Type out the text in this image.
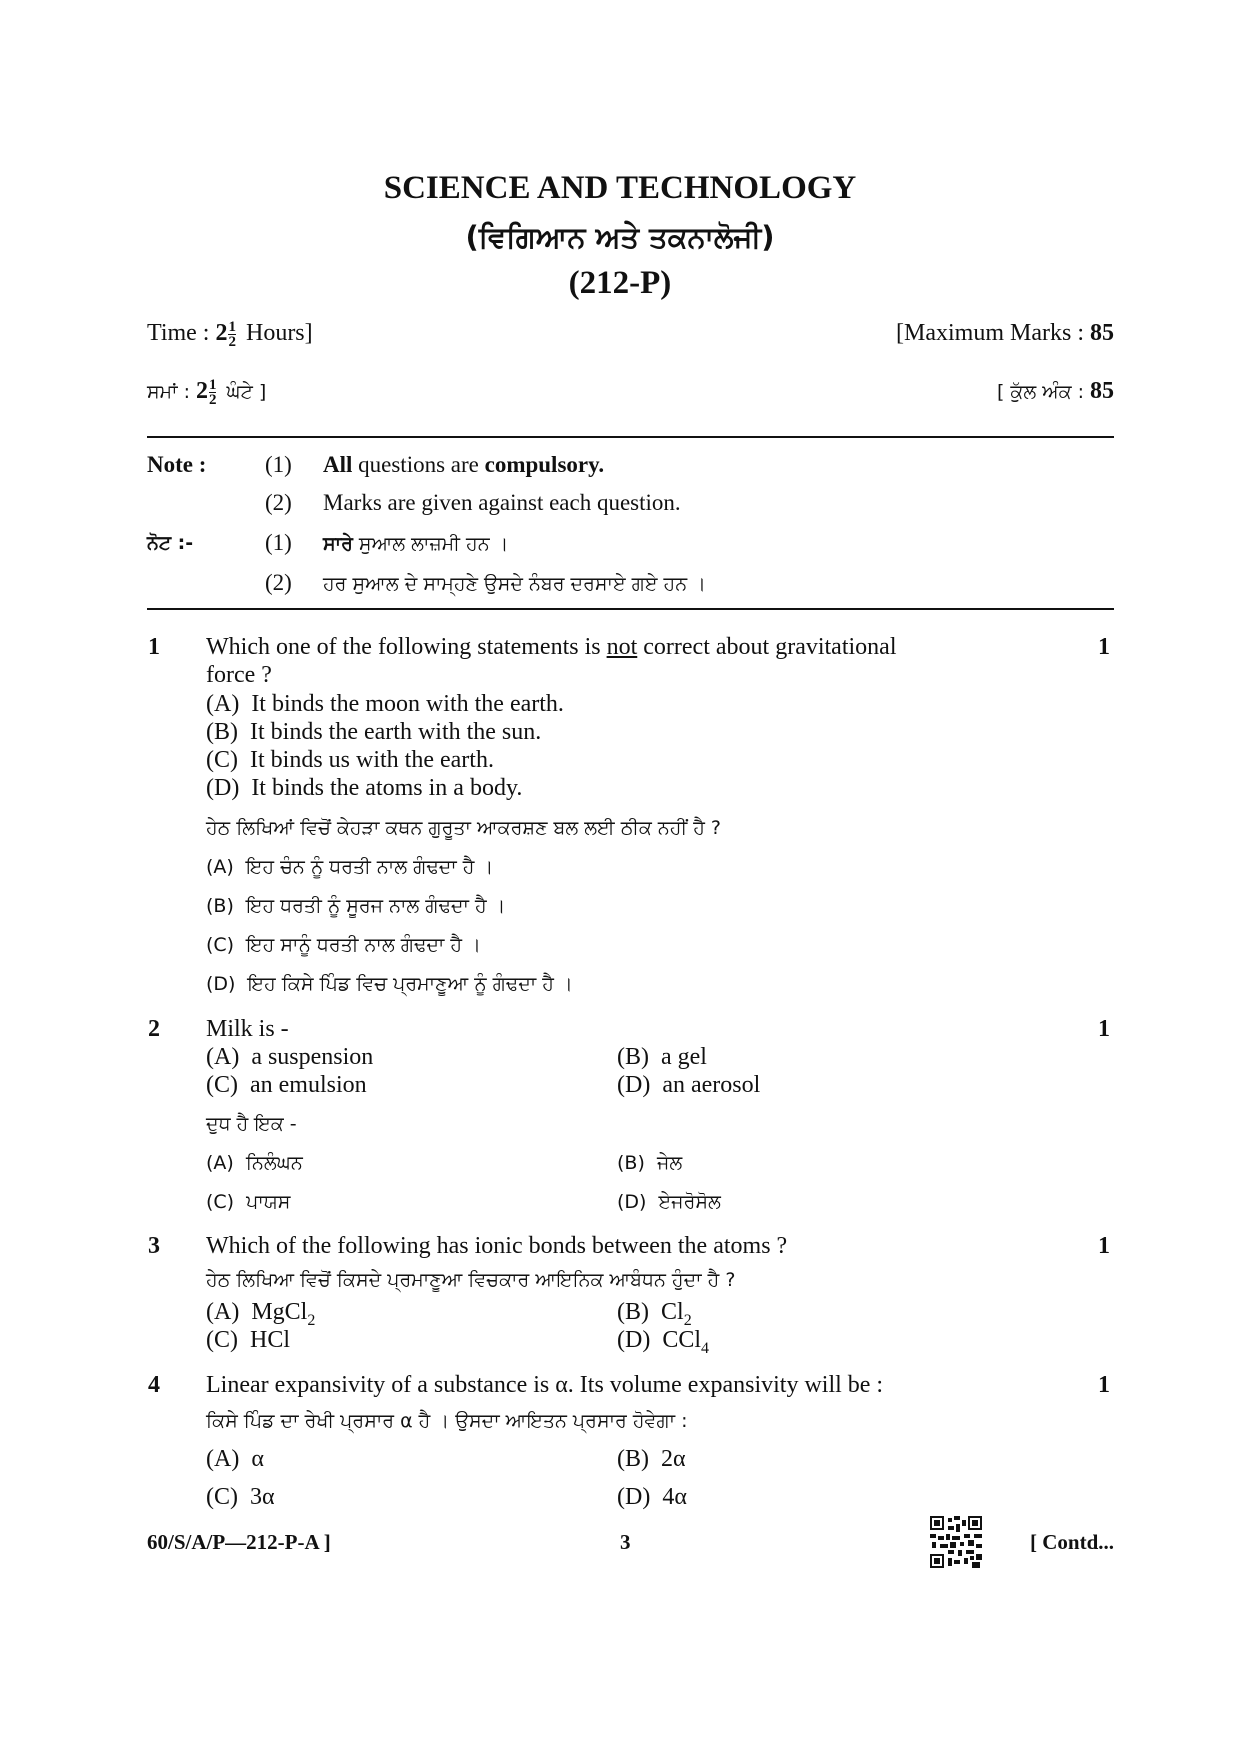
SCIENCE AND TECHNOLOGY
(ਵਿਗਿਆਨ ਅਤੇ ਤਕਨਾਲੋਜੀ)
(212-P)
Time : $2 \frac{1}{2}$ Hours]	[Maximum Marks : 85
ਸਮਾਂ : $2 \frac{1}{2}$ ਘੰਟੇ ]	[ ਕੁੱਲ ਅੰਕ : 85
Note :	(1) All questions are compulsory.
(2) Marks are given against each question.
ਨੋਟ :-	(1) ਸਾਰੇ ਸੁਆਲ ਲਾਜ਼ਮੀ ਹਨ ।
(2) ਹਰ ਸੁਆਲ ਦੇ ਸਾਮ੍ਹਣੇ ਉਸਦੇ ਨੰਬਰ ਦਰਸਾਏ ਗਏ ਹਨ ।
1	1
Which one of the following statements is not correct about gravitational
force ?
(A)  It binds the moon with the earth.
(B)  It binds the earth with the sun.
(C)  It binds us with the earth.
(D)  It binds the atoms in a body.
ਹੇਠ ਲਿਖਿਆਂ ਵਿਚੋਂ ਕੇਹੜਾ ਕਥਨ ਗੁਰੂਤਾ ਆਕਰਸ਼ਣ ਬਲ ਲਈ ਠੀਕ ਨਹੀਂ ਹੈ ?
(A)  ਇਹ ਚੰਨ ਨੂੰ ਧਰਤੀ ਨਾਲ ਗੰਢਦਾ ਹੈ ।
(B)  ਇਹ ਧਰਤੀ ਨੂੰ ਸੂਰਜ ਨਾਲ ਗੰਢਦਾ ਹੈ ।
(C)  ਇਹ ਸਾਨੂੰ ਧਰਤੀ ਨਾਲ ਗੰਢਦਾ ਹੈ ।
(D)  ਇਹ ਕਿਸੇ ਪਿੰਡ ਵਿਚ ਪ੍ਰਮਾਣੂਆ ਨੂੰ ਗੰਢਦਾ ਹੈ ।
2	1
Milk is -
(A)  a suspension	(B)  a gel
(C)  an emulsion	(D)  an aerosol
ਦੁਧ ਹੈ ਇਕ -
(A)  ਨਿਲੰਘਨ	(B)  ਜੇਲ
(C)  ਪਾਯਸ	(D)  ਏਜਰੋਸੋਲ
3	1
Which of the following has ionic bonds between the atoms ?
ਹੇਠ ਲਿਖਿਆ ਵਿਚੋਂ ਕਿਸਦੇ ਪ੍ਰਮਾਣੂਆ ਵਿਚਕਾਰ ਆਇਨਿਕ ਆਬੰਧਨ ਹੁੰਦਾ ਹੈ ?
(A) MgCl$_2$	(B) $Cl_2$
(C)  HCl	(D) CCl$_4$
4	1
Linear expansivity of a substance is α. Its volume expansivity will be :
ਕਿਸੇ ਪਿੰਡ ਦਾ ਰੇਖੀ ਪ੍ਰਸਾਰ α ਹੈ । ਉਸਦਾ ਆਇਤਨ ਪ੍ਰਸਾਰ ਹੋਵੇਗਾ :
(A)  α	(B)  2α
(C)  3α	(D)  4α
60/S/A/P—212-P-A ]	3	[ Contd...
